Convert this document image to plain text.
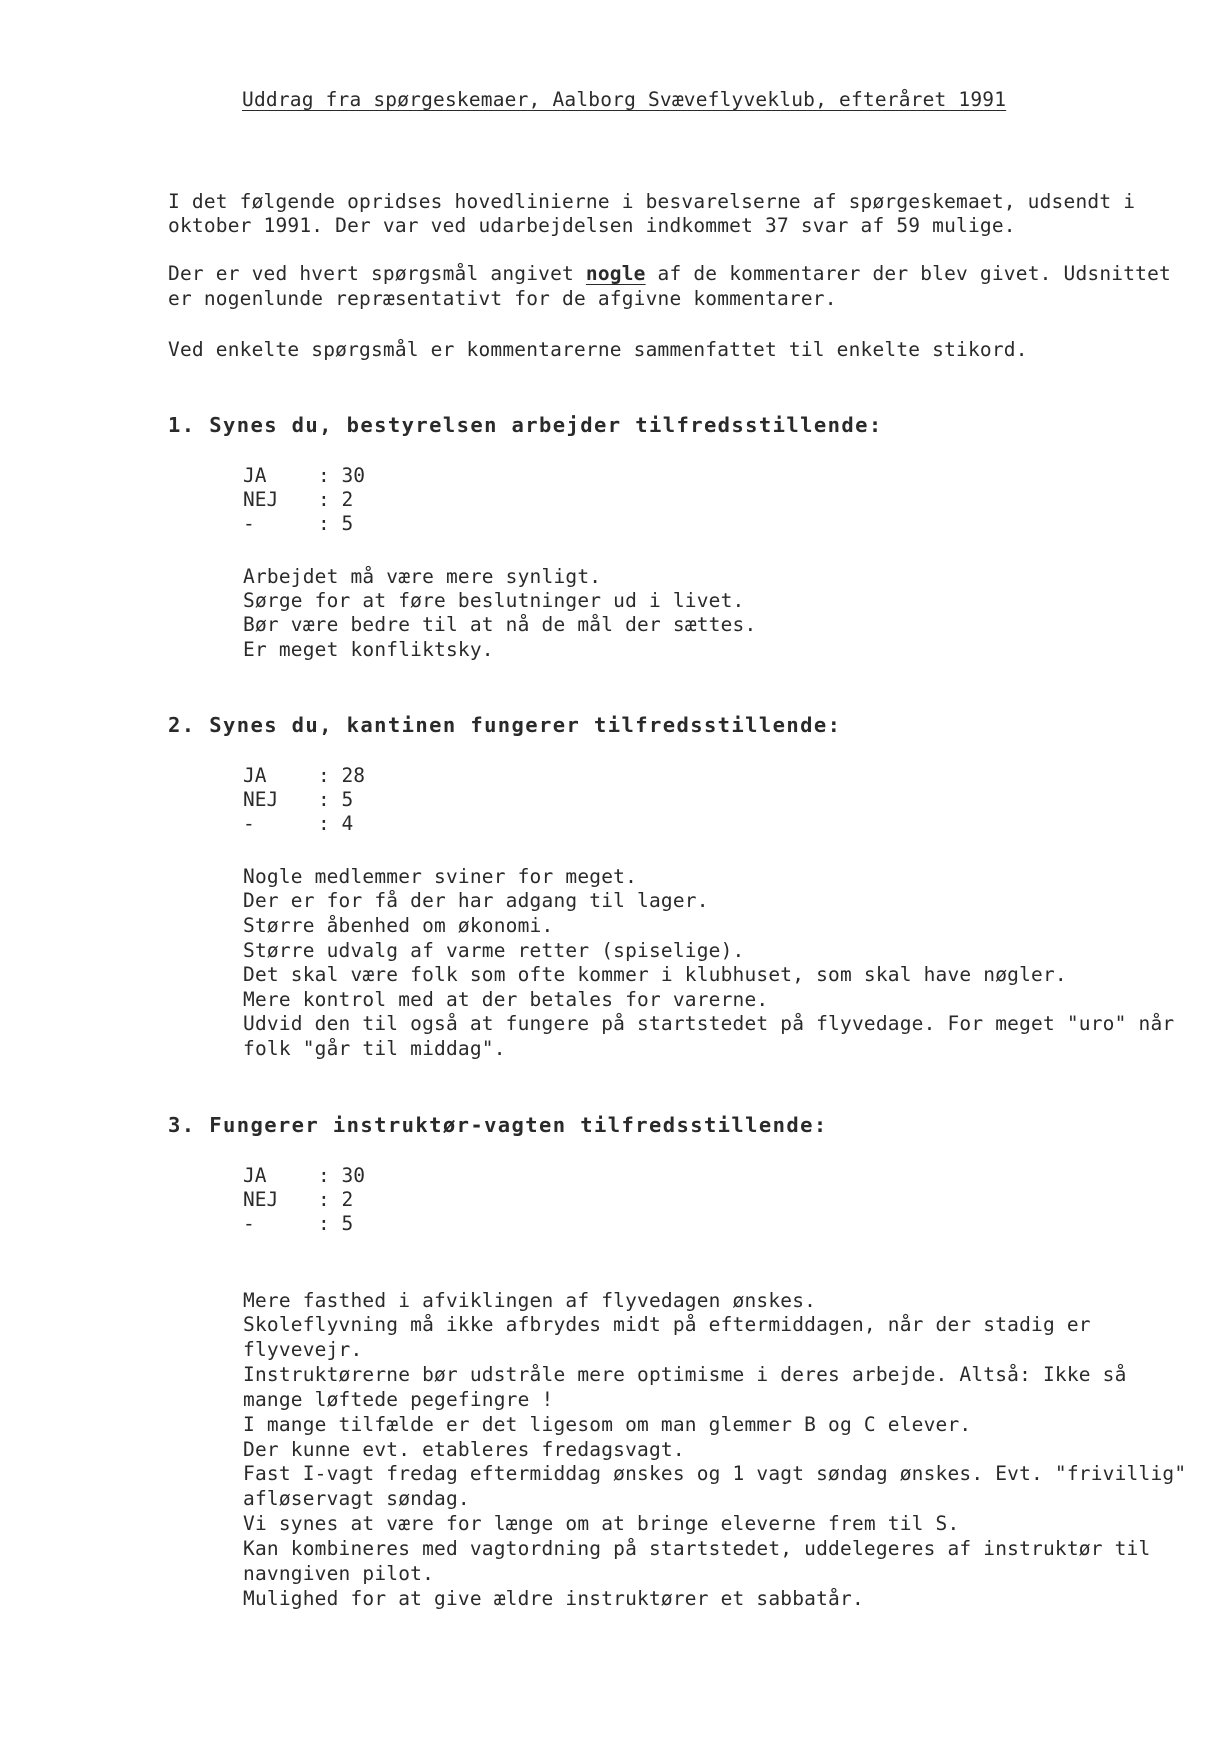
Uddrag fra spørgeskemaer, Aalborg Svæveflyveklub, efteråret 1991
I det følgende opridses hovedlinierne i besvarelserne af spørgeskemaet, udsendt i
oktober 1991. Der var ved udarbejdelsen indkommet 37 svar af 59 mulige.
Der er ved hvert spørgsmål angivet nogle af de kommentarer der blev givet. Udsnittet
er nogenlunde repræsentativt for de afgivne kommentarer.
Ved enkelte spørgsmål er kommentarerne sammenfattet til enkelte stikord.
1. Synes du, bestyrelsen arbejder tilfredsstillende:
JA	: 30
NEJ : 2
-	: 5
Arbejdet må være mere synligt.
Sørge for at føre beslutninger ud i livet.
Bør være bedre til at nå de mål der sættes.
Er meget konfliktsky.
2. Synes du, kantinen fungerer tilfredsstillende:
JA	: 28
NEJ : 5
-	: 4
Nogle medlemmer sviner for meget.
Der er for få der har adgang til lager.
Større åbenhed om økonomi.
Større udvalg af varme retter (spiselige).
Det skal være folk som ofte kommer i klubhuset, som skal have nøgler.
Mere kontrol med at der betales for varerne.
Udvid den til også at fungere på startstedet på flyvedage. For meget "uro" når
folk "går til middag".
3. Fungerer instruktør-vagten tilfredsstillende:
JA	: 30
NEJ : 2
-	: 5
Mere fasthed i afviklingen af flyvedagen ønskes.
Skoleflyvning må ikke afbrydes midt på eftermiddagen, når der stadig er
flyvevejr.
Instruktørerne bør udstråle mere optimisme i deres arbejde. Altså: Ikke så
mange løftede pegefingre !
I mange tilfælde er det ligesom om man glemmer B og C elever.
Der kunne evt. etableres fredagsvagt.
Fast I-vagt fredag eftermiddag ønskes og 1 vagt søndag ønskes. Evt. "frivillig"
afløservagt søndag.
Vi synes at være for længe om at bringe eleverne frem til S.
Kan kombineres med vagtordning på startstedet, uddelegeres af instruktør til
navngiven pilot.
Mulighed for at give ældre instruktører et sabbatår.
